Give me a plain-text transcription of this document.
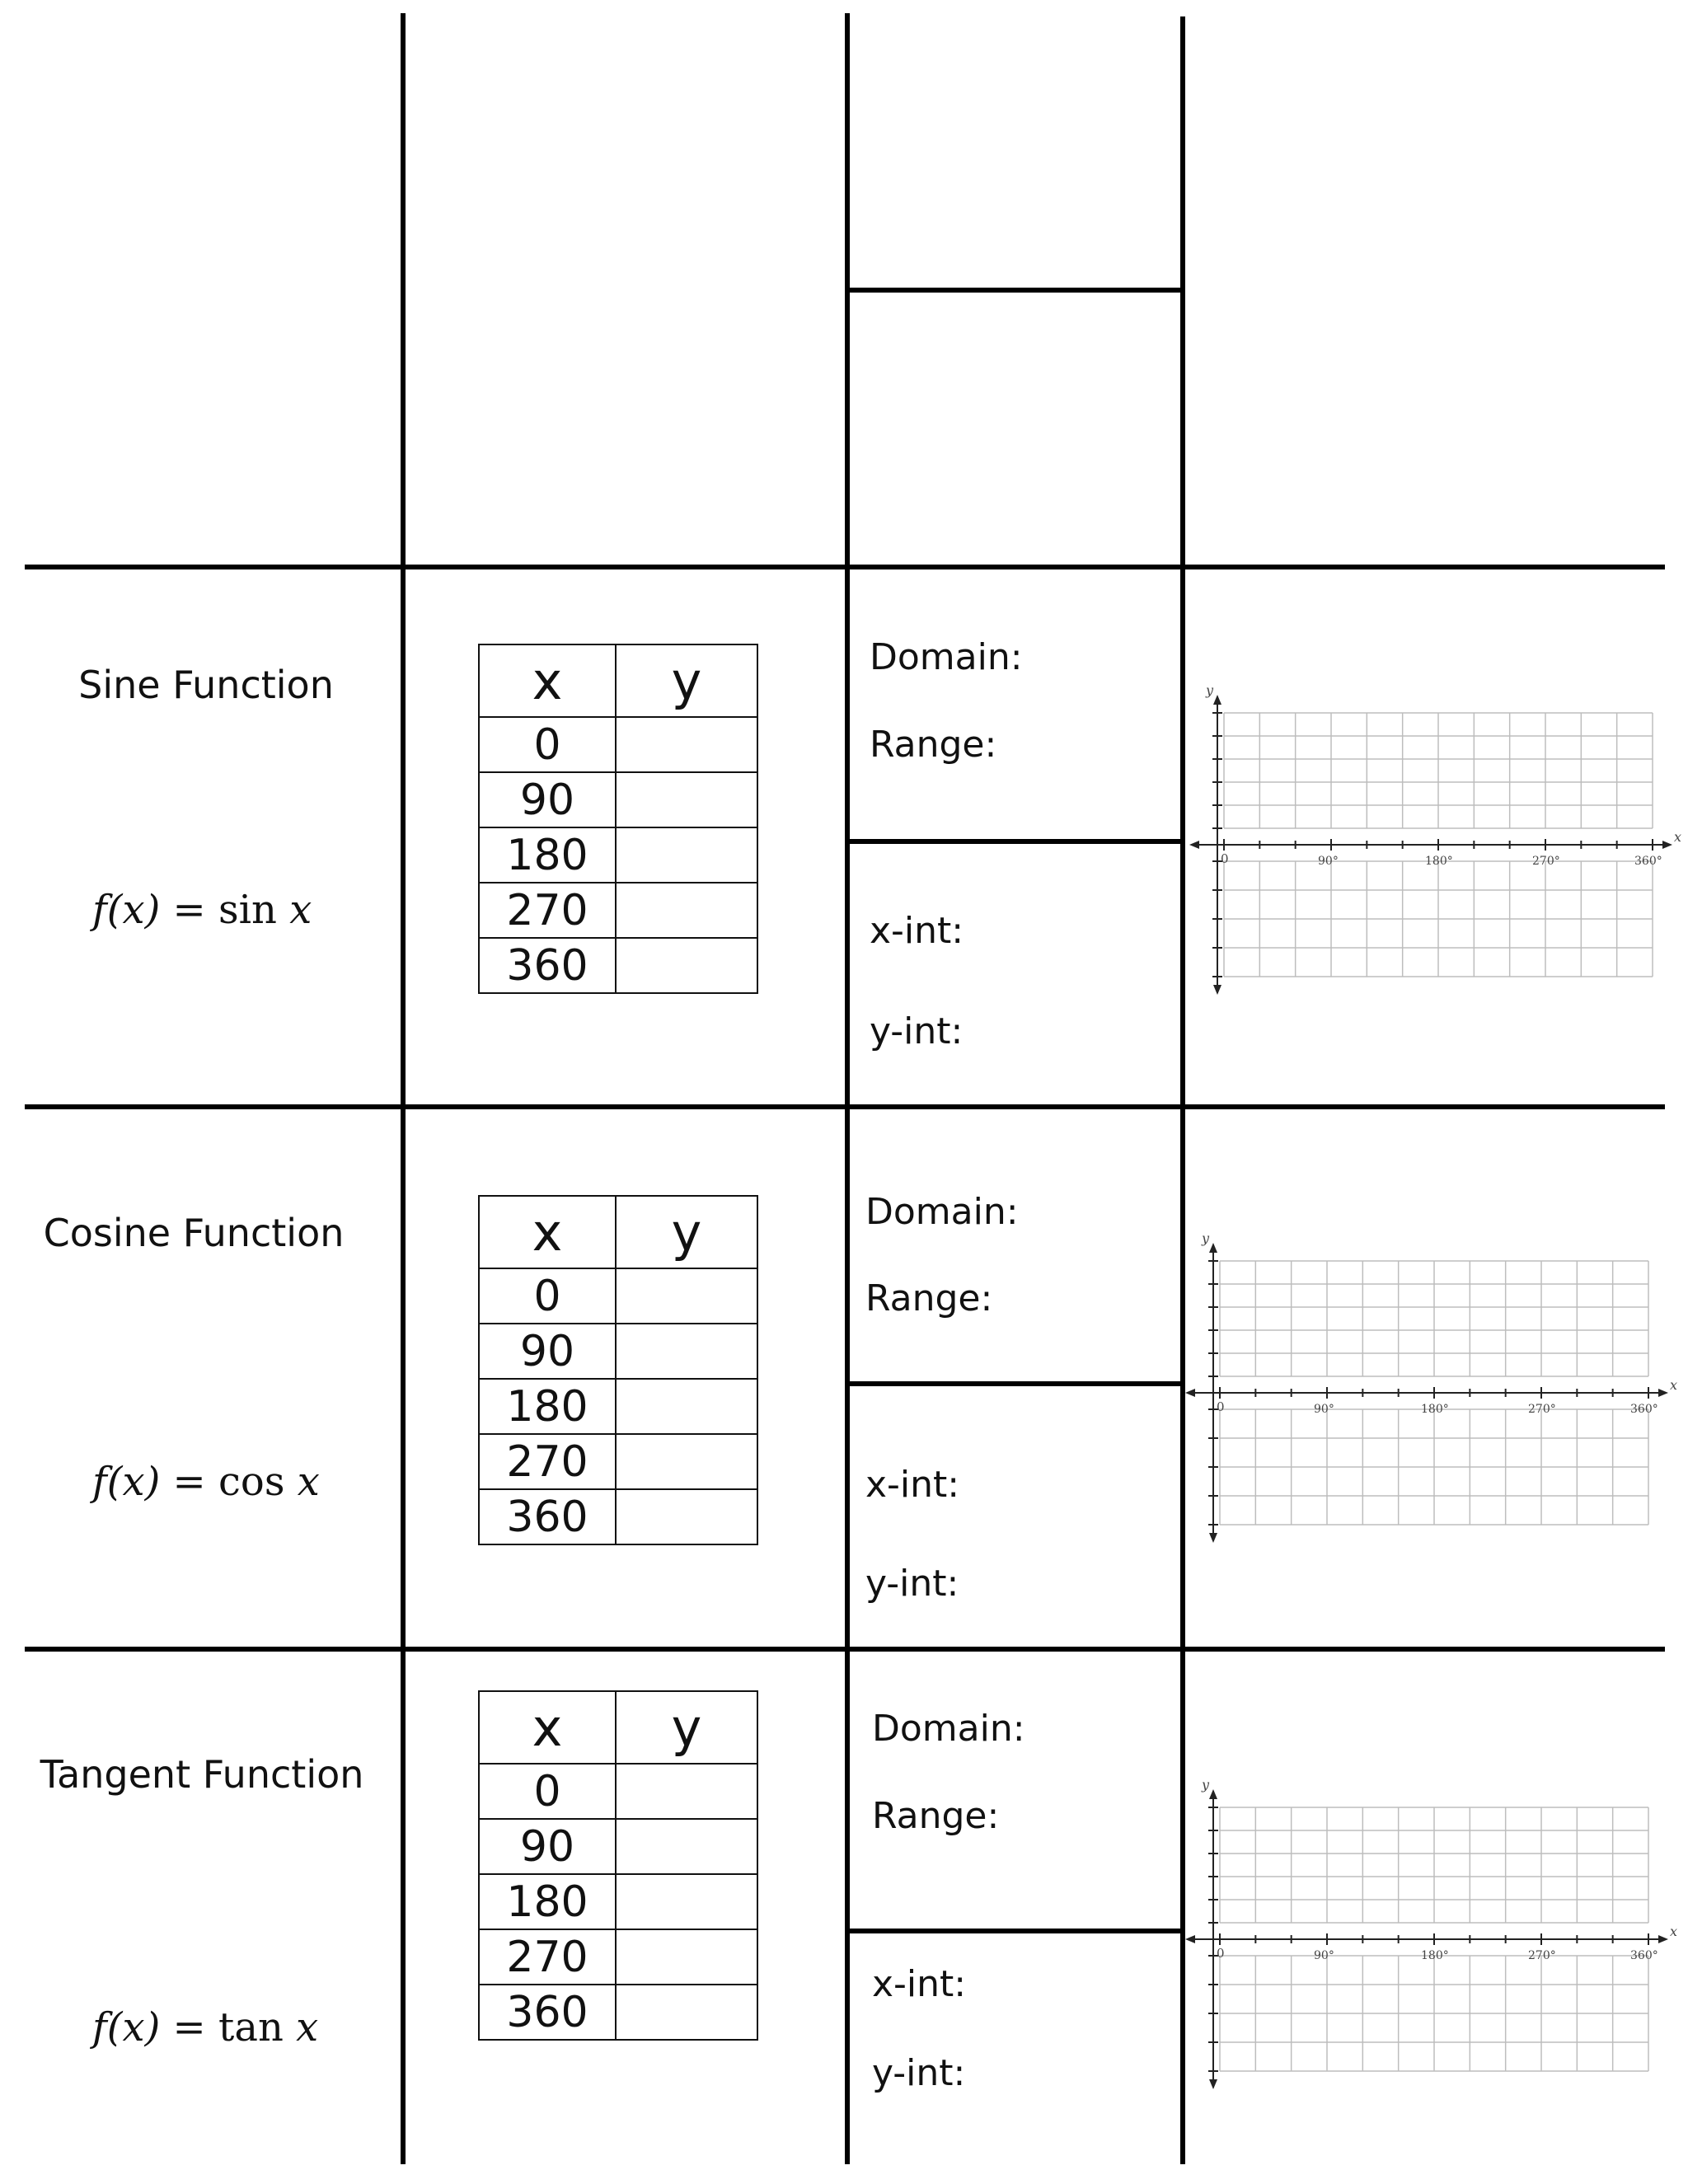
Sine Function
f(x) = sin x
x	y
0	
90	
180	
270	
360	
Domain:
Range:
x-int:
y-int:
y
x
0	90°	180°	270°	360°
Cosine Function
f(x) = cos x
x	y
0	
90	
180	
270	
360	
Domain:
Range:
x-int:
y-int:
y
x
0	90°	180°	270°	360°
Tangent Function
f(x) = tan x
x	y
0	
90	
180	
270	
360	
Domain:
Range:
x-int:
y-int:
y
x
0	90°	180°	270°	360°
